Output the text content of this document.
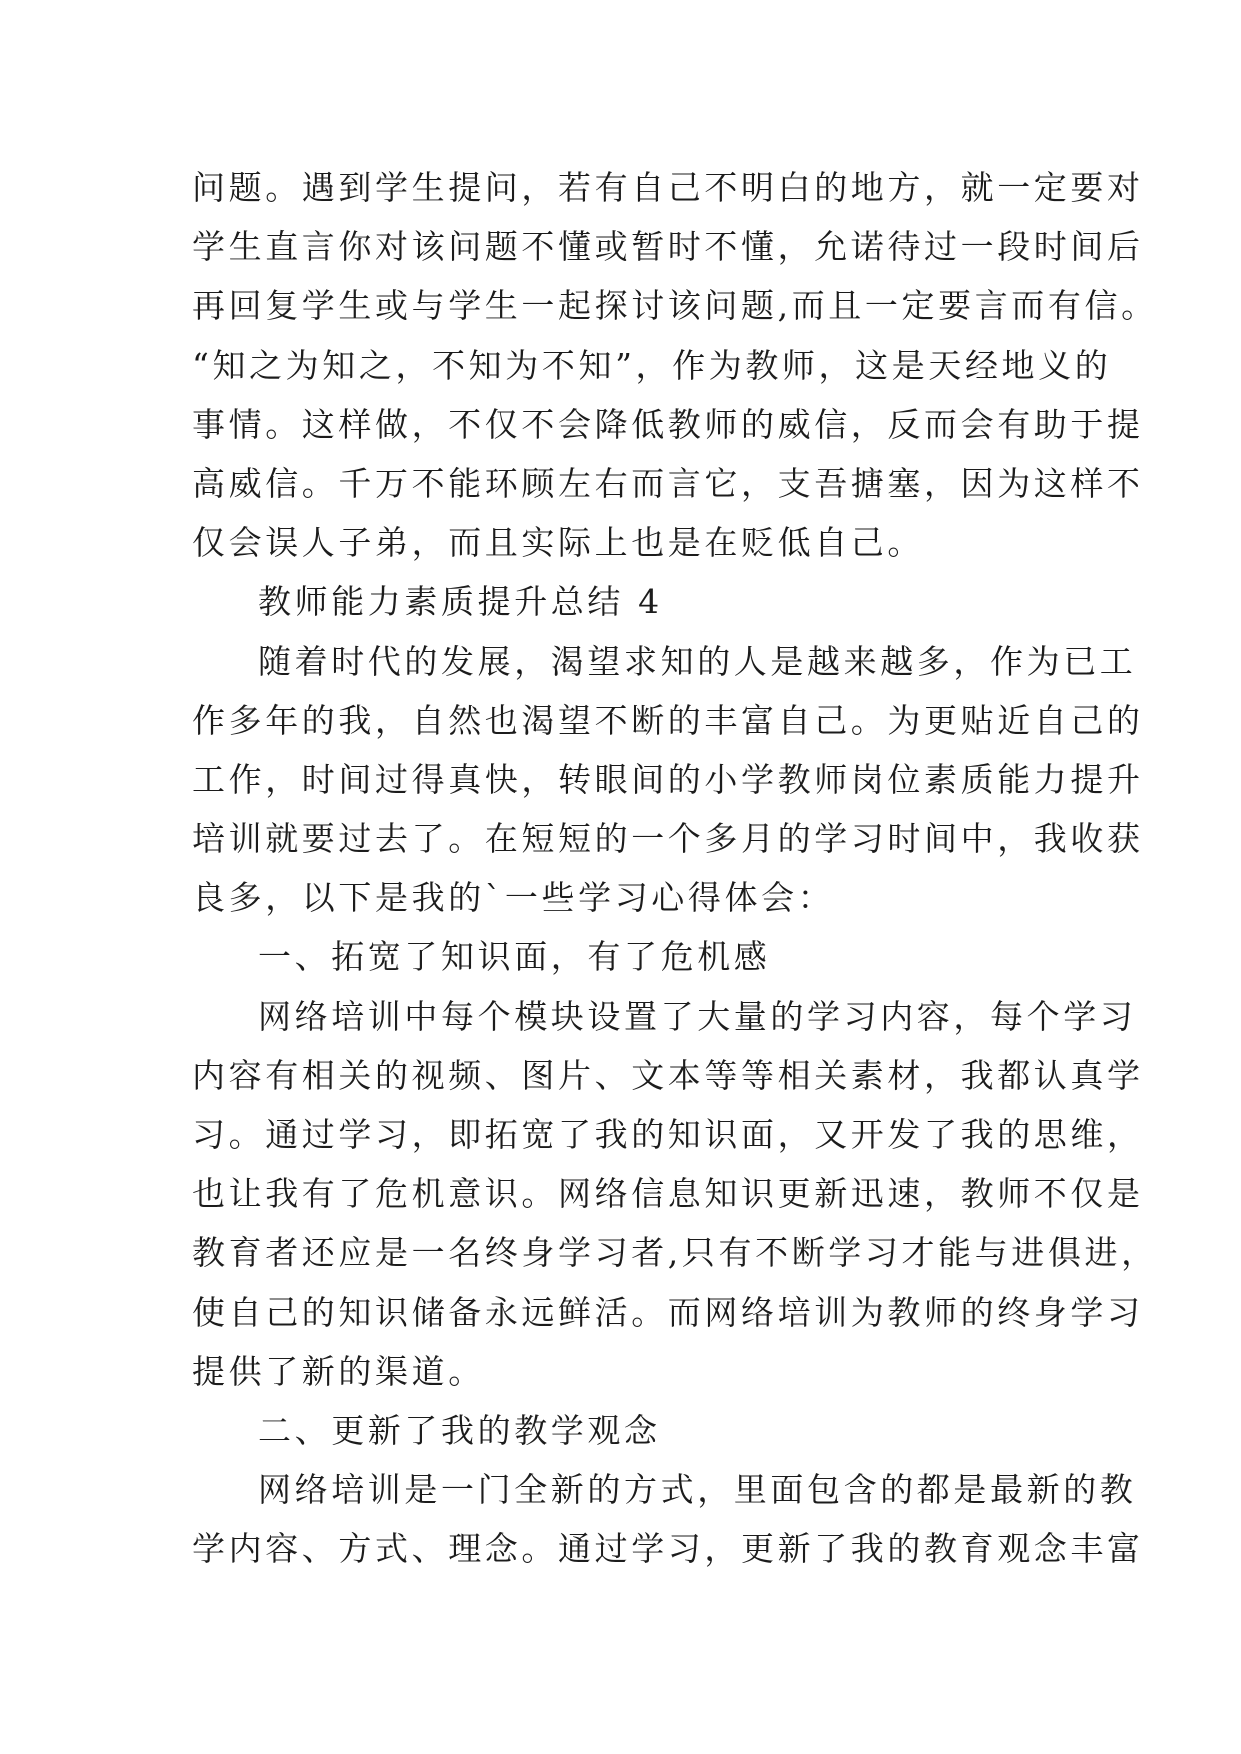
问题。遇到学生提问，若有自己不明白的地方，就一定要对
学生直言你对该问题不懂或暂时不懂，允诺待过一段时间后
再回复学生或与学生一起探讨该问题,而且一定要言而有信。
“知之为知之，不知为不知”，作为教师，这是天经地义的
事情。这样做，不仅不会降低教师的威信，反而会有助于提
高威信。千万不能环顾左右而言它，支吾搪塞，因为这样不
仅会误人子弟，而且实际上也是在贬低自己。
教师能力素质提升总结 4
随着时代的发展，渴望求知的人是越来越多，作为已工
作多年的我，自然也渴望不断的丰富自己。为更贴近自己的
工作，时间过得真快，转眼间的小学教师岗位素质能力提升
培训就要过去了。在短短的一个多月的学习时间中，我收获
良多，以下是我的`一些学习心得体会：
一、拓宽了知识面，有了危机感
网络培训中每个模块设置了大量的学习内容，每个学习
内容有相关的视频、图片、文本等等相关素材，我都认真学
习。通过学习，即拓宽了我的知识面，又开发了我的思维，
也让我有了危机意识。网络信息知识更新迅速，教师不仅是
教育者还应是一名终身学习者,只有不断学习才能与进俱进，
使自己的知识储备永远鲜活。而网络培训为教师的终身学习
提供了新的渠道。
二、更新了我的教学观念
网络培训是一门全新的方式，里面包含的都是最新的教
学内容、方式、理念。通过学习，更新了我的教育观念丰富
